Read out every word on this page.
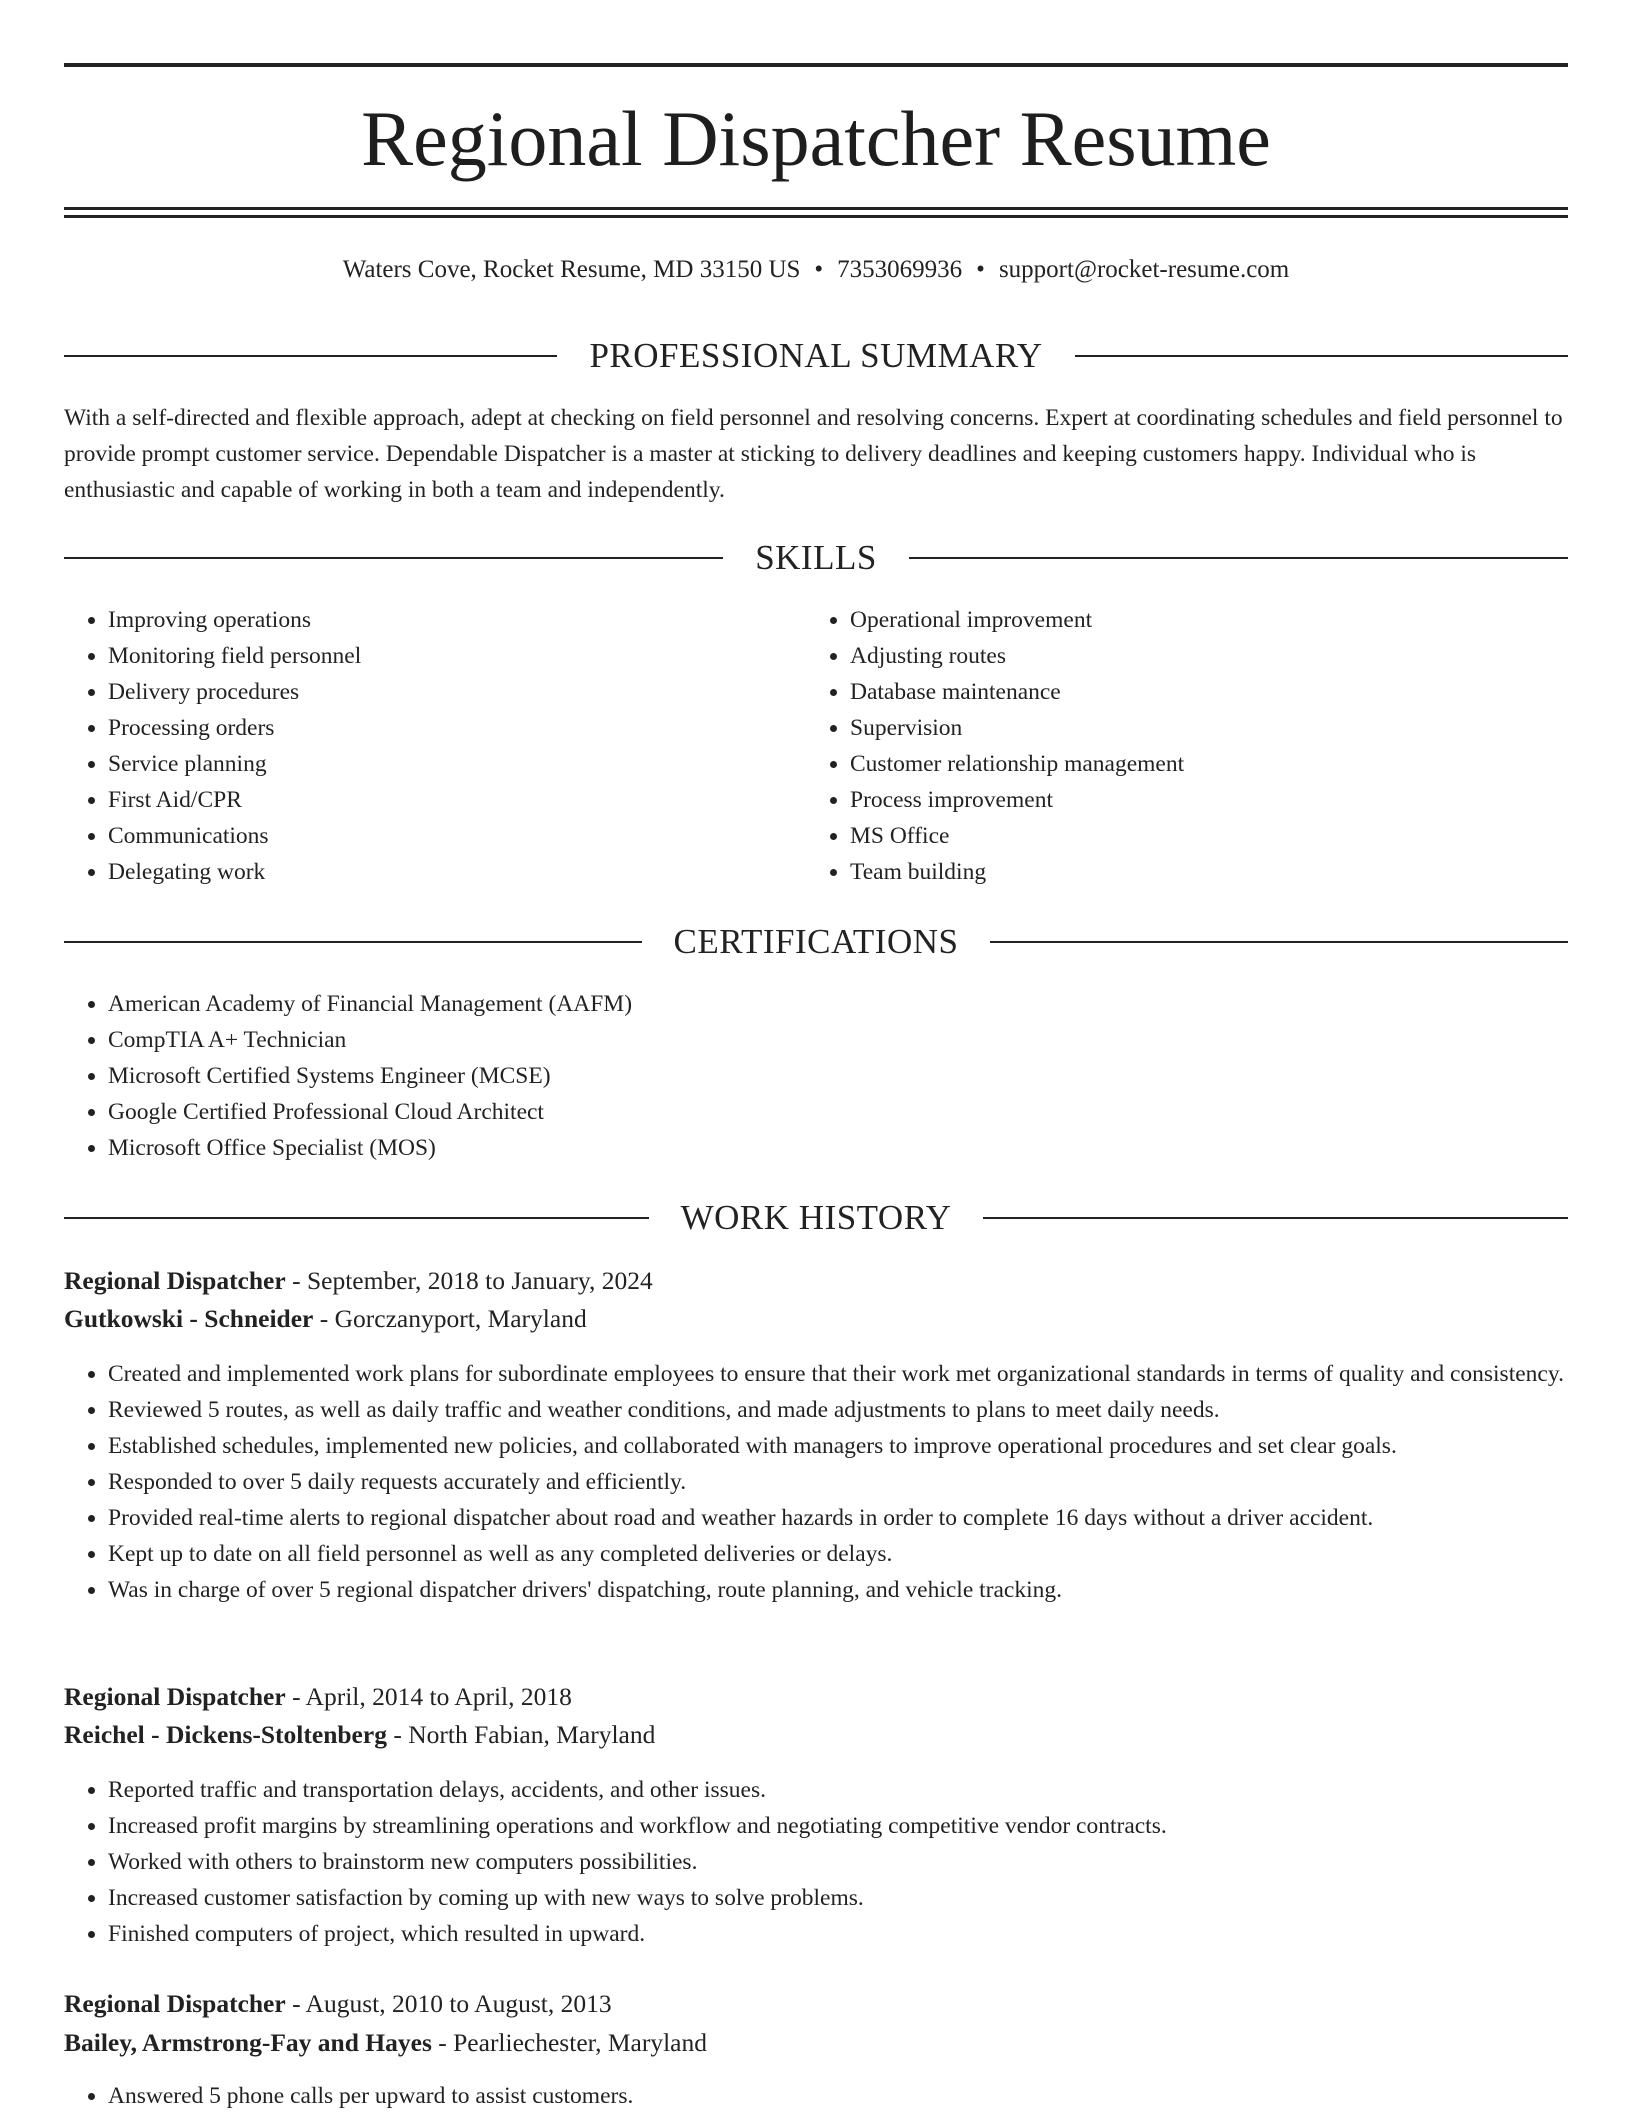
Regional Dispatcher Resume
Waters Cove, Rocket Resume, MD 33150 US • 7353069936 • support@rocket-resume.com
PROFESSIONAL SUMMARY

With a self-directed and flexible approach, adept at checking on field personnel and resolving concerns. Expert at coordinating schedules and field personnel to provide prompt customer service. Dependable Dispatcher is a master at sticking to delivery deadlines and keeping customers happy. Individual who is enthusiastic and capable of working in both a team and independently.

SKILLS
• Improving operations
• Monitoring field personnel
• Delivery procedures
• Processing orders
• Service planning
• First Aid/CPR
• Communications
• Delegating work
• Operational improvement
• Adjusting routes
• Database maintenance
• Supervision
• Customer relationship management
• Process improvement
• MS Office
• Team building
CERTIFICATIONS
• American Academy of Financial Management (AAFM)
• CompTIA A+ Technician
• Microsoft Certified Systems Engineer (MCSE)
• Google Certified Professional Cloud Architect
• Microsoft Office Specialist (MOS)
WORK HISTORY
Regional Dispatcher - September, 2018 to January, 2024
Gutkowski - Schneider - Gorczanyport, Maryland
• Created and implemented work plans for subordinate employees to ensure that their work met organizational standards in terms of quality and consistency.
• Reviewed 5 routes, as well as daily traffic and weather conditions, and made adjustments to plans to meet daily needs.
• Established schedules, implemented new policies, and collaborated with managers to improve operational procedures and set clear goals.
• Responded to over 5 daily requests accurately and efficiently.
• Provided real-time alerts to regional dispatcher about road and weather hazards in order to complete 16 days without a driver accident.
• Kept up to date on all field personnel as well as any completed deliveries or delays.
• Was in charge of over 5 regional dispatcher drivers' dispatching, route planning, and vehicle tracking.
Regional Dispatcher - April, 2014 to April, 2018
Reichel - Dickens-Stoltenberg - North Fabian, Maryland
• Reported traffic and transportation delays, accidents, and other issues.
• Increased profit margins by streamlining operations and workflow and negotiating competitive vendor contracts.
• Worked with others to brainstorm new computers possibilities.
• Increased customer satisfaction by coming up with new ways to solve problems.
• Finished computers of project, which resulted in upward.
Regional Dispatcher - August, 2010 to August, 2013
Bailey, Armstrong-Fay and Hayes - Pearliechester, Maryland
• Answered 5 phone calls per upward to assist customers.
